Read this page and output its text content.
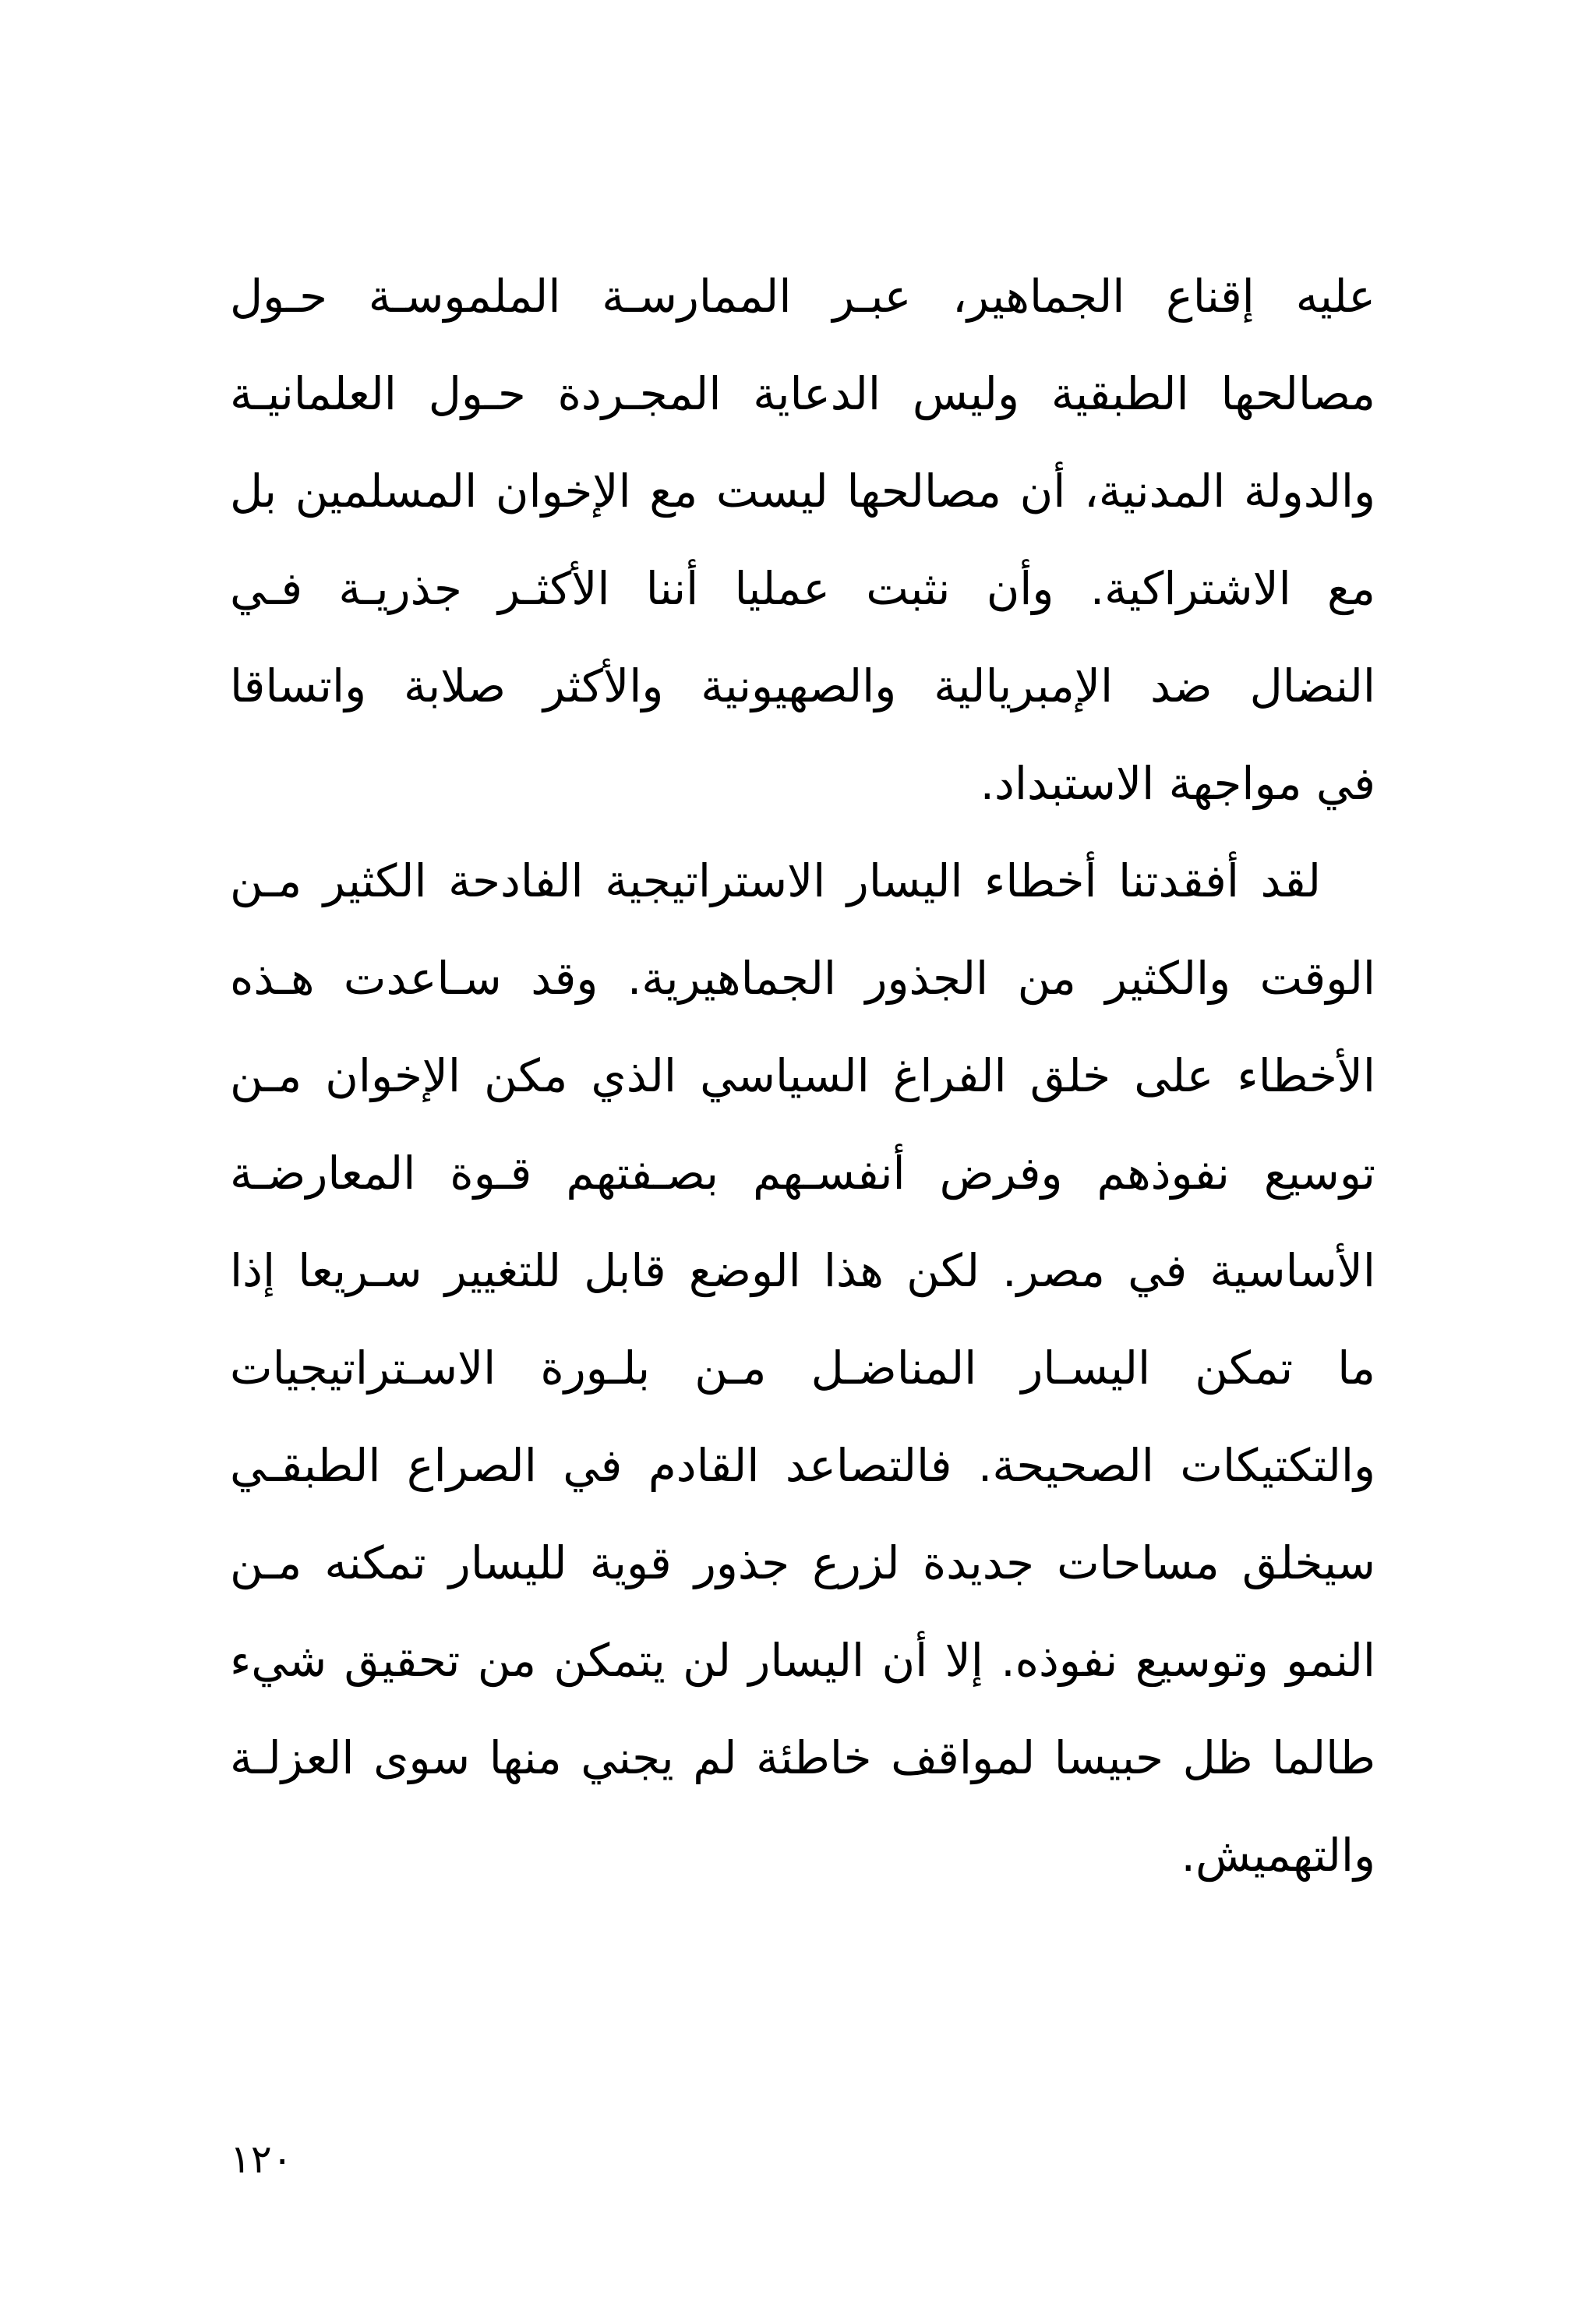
عليه إقناع الجماهير، عبـر الممارسـة الملموسـة حـول
مصالحها الطبقية وليس الدعاية المجـردة حـول العلمانيـة
والدولة المدنية، أن مصالحها ليست مع الإخوان المسلمين بل
مع الاشتراكية. وأن نثبت عمليا أننا الأكثـر جذريـة فـي
النضال ضد الإمبريالية والصهيونية والأكثر صلابة واتساقا
في مواجهة الاستبداد.
لقد أفقدتنا أخطاء اليسار الاستراتيجية الفادحة الكثير مـن
الوقت والكثير من الجذور الجماهيرية. وقد سـاعدت هـذه
الأخطاء على خلق الفراغ السياسي الذي مكن الإخوان مـن
توسيع نفوذهم وفرض أنفسـهم بصـفتهم قـوة المعارضـة
الأساسية في مصر. لكن هذا الوضع قابل للتغيير سـريعا إذا
ما تمكن اليسـار المناضـل مـن بلـورة الاسـتراتيجيات
والتكتيكات الصحيحة. فالتصاعد القادم في الصراع الطبقـي
سيخلق مساحات جديدة لزرع جذور قوية لليسار تمكنه مـن
النمو وتوسيع نفوذه. إلا أن اليسار لن يتمكن من تحقيق شيء
طالما ظل حبيسا لمواقف خاطئة لم يجني منها سوى العزلـة
والتهميش.
١٢٠
